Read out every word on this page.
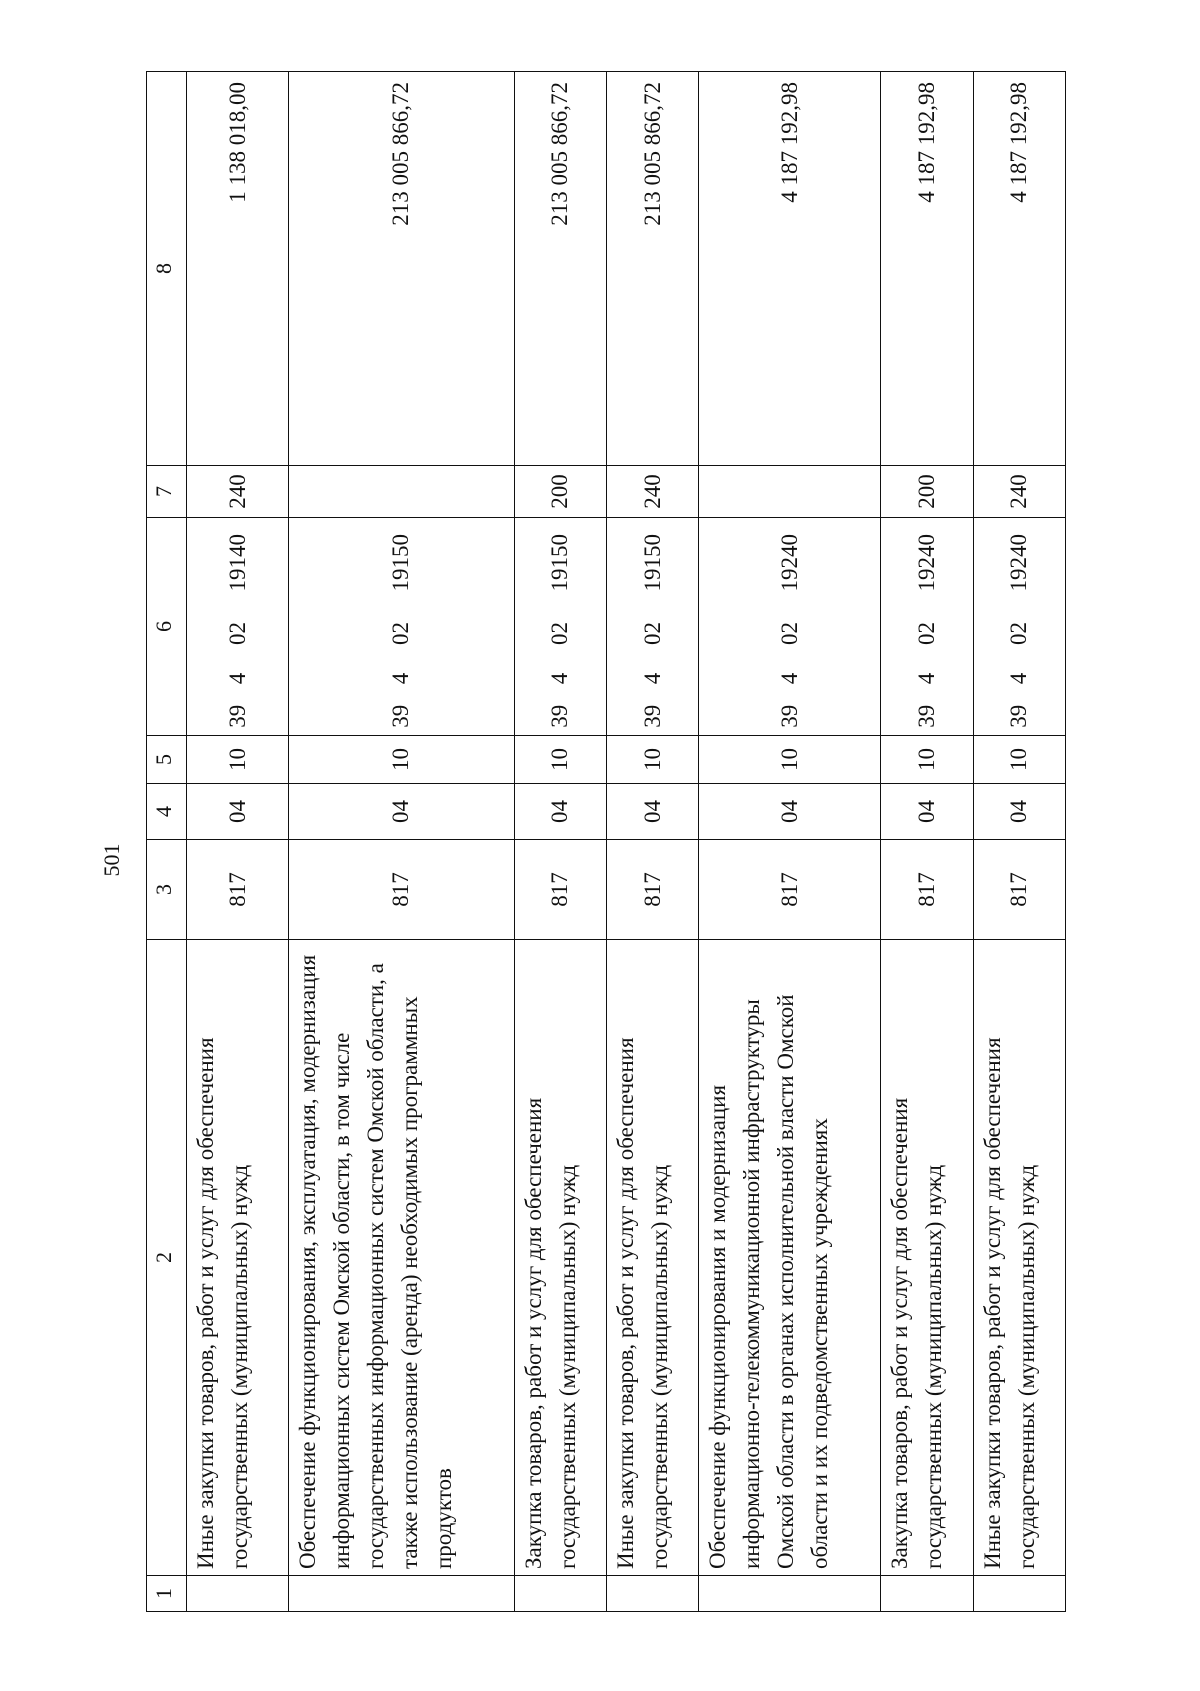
501
1	2	3	4	5	6				7	8
	Иные закупки товаров, работ и услуг для обеспечения государственных (муниципальных) нужд	817	04	10	39	4	02	19140	240	1 138 018,00
	Обеспечение функционирования, эксплуатация, модернизация информационных систем Омской области, в том числе государственных информационных систем Омской области, а также использование (аренда) необходимых программных продуктов	817	04	10	39	4	02	19150		213 005 866,72
	Закупка товаров, работ и услуг для обеспечения государственных (муниципальных) нужд	817	04	10	39	4	02	19150	200	213 005 866,72
	Иные закупки товаров, работ и услуг для обеспечения государственных (муниципальных) нужд	817	04	10	39	4	02	19150	240	213 005 866,72
	Обеспечение функционирования и модернизация информационно-телекоммуникационной инфраструктуры Омской области в органах исполнительной власти Омской области и их подведомственных учреждениях	817	04	10	39	4	02	19240		4 187 192,98
	Закупка товаров, работ и услуг для обеспечения государственных (муниципальных) нужд	817	04	10	39	4	02	19240	200	4 187 192,98
	Иные закупки товаров, работ и услуг для обеспечения государственных (муниципальных) нужд	817	04	10	39	4	02	19240	240	4 187 192,98
